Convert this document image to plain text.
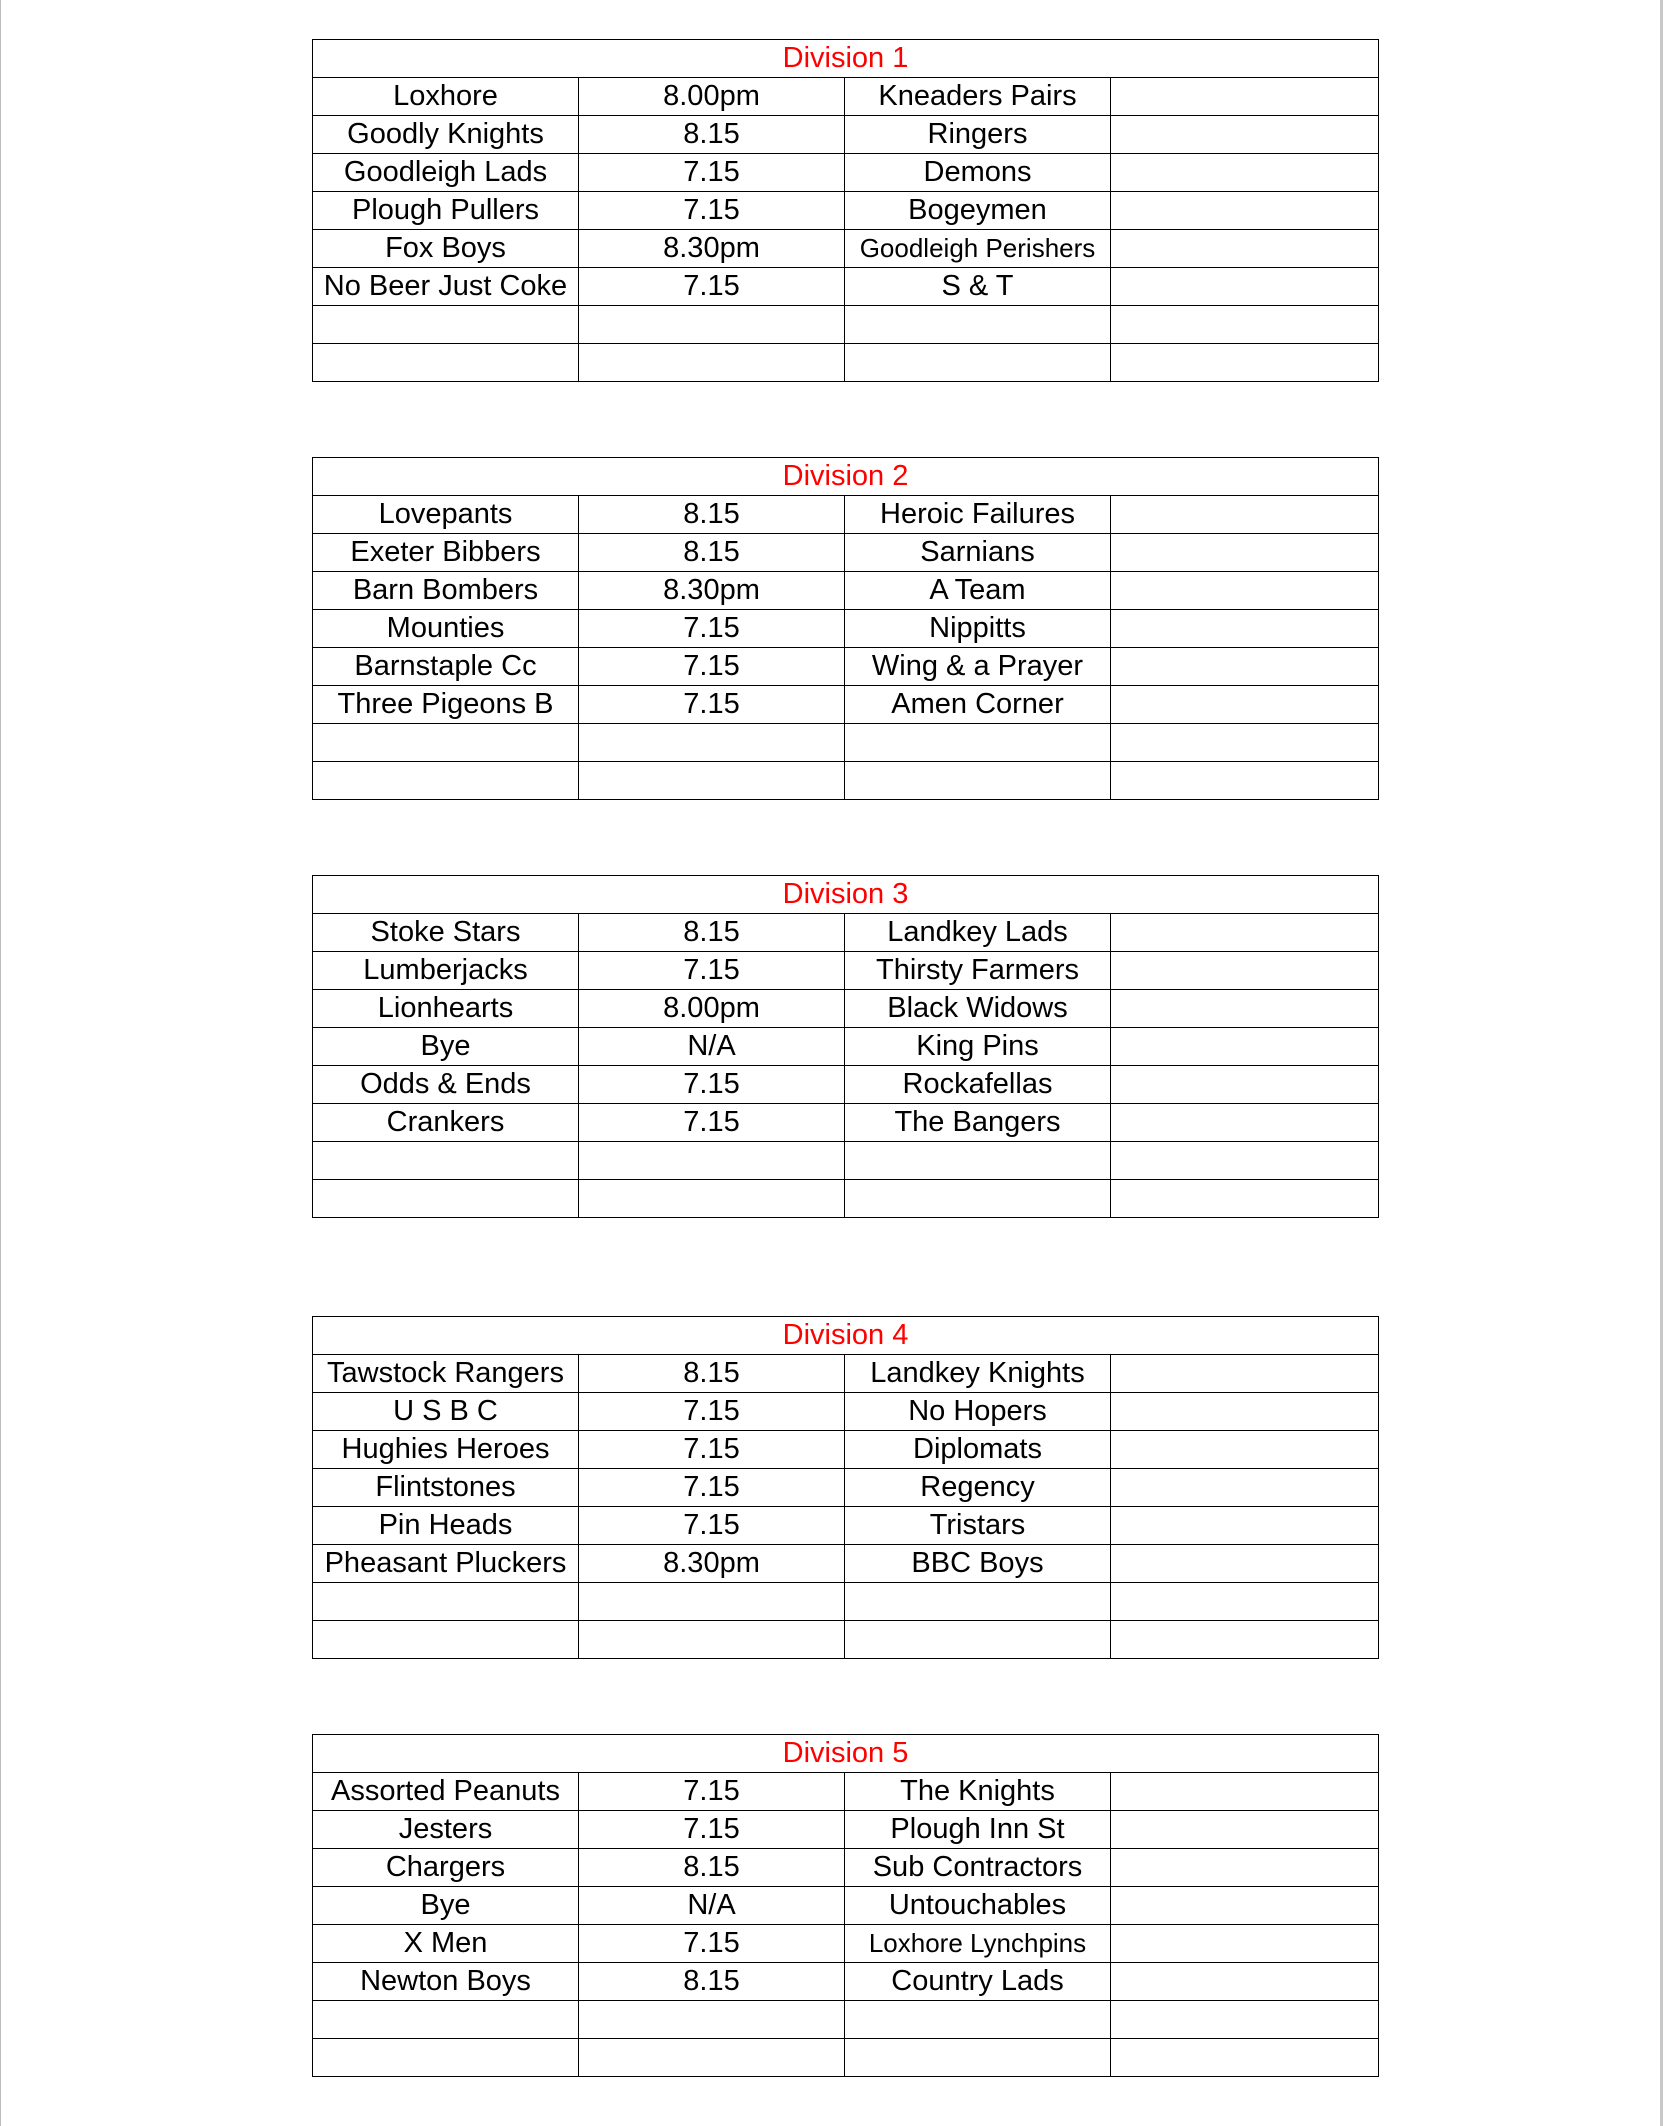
Division 1			
Loxhore	8.00pm	Kneaders Pairs	
Goodly Knights	8.15	Ringers	
Goodleigh Lads	7.15	Demons	
Plough Pullers	7.15	Bogeymen	
Fox Boys	8.30pm	Goodleigh Perishers	
No Beer Just Coke	7.15	S & T	

Division 2			
Lovepants	8.15	Heroic Failures	
Exeter Bibbers	8.15	Sarnians	
Barn Bombers	8.30pm	A Team	
Mounties	7.15	Nippitts	
Barnstaple Cc	7.15	Wing & a Prayer	
Three Pigeons B	7.15	Amen Corner	

Division 3			
Stoke Stars	8.15	Landkey Lads	
Lumberjacks	7.15	Thirsty Farmers	
Lionhearts	8.00pm	Black Widows	
Bye	N/A	King Pins	
Odds & Ends	7.15	Rockafellas	
Crankers	7.15	The Bangers	

Division 4			
Tawstock Rangers	8.15	Landkey Knights	
U S B C	7.15	No Hopers	
Hughies Heroes	7.15	Diplomats	
Flintstones	7.15	Regency	
Pin Heads	7.15	Tristars	
Pheasant Pluckers	8.30pm	BBC Boys	

Division 5			
Assorted Peanuts	7.15	The Knights	
Jesters	7.15	Plough Inn St	
Chargers	8.15	Sub Contractors	
Bye	N/A	Untouchables	
X Men	7.15	Loxhore Lynchpins	
Newton Boys	8.15	Country Lads	
